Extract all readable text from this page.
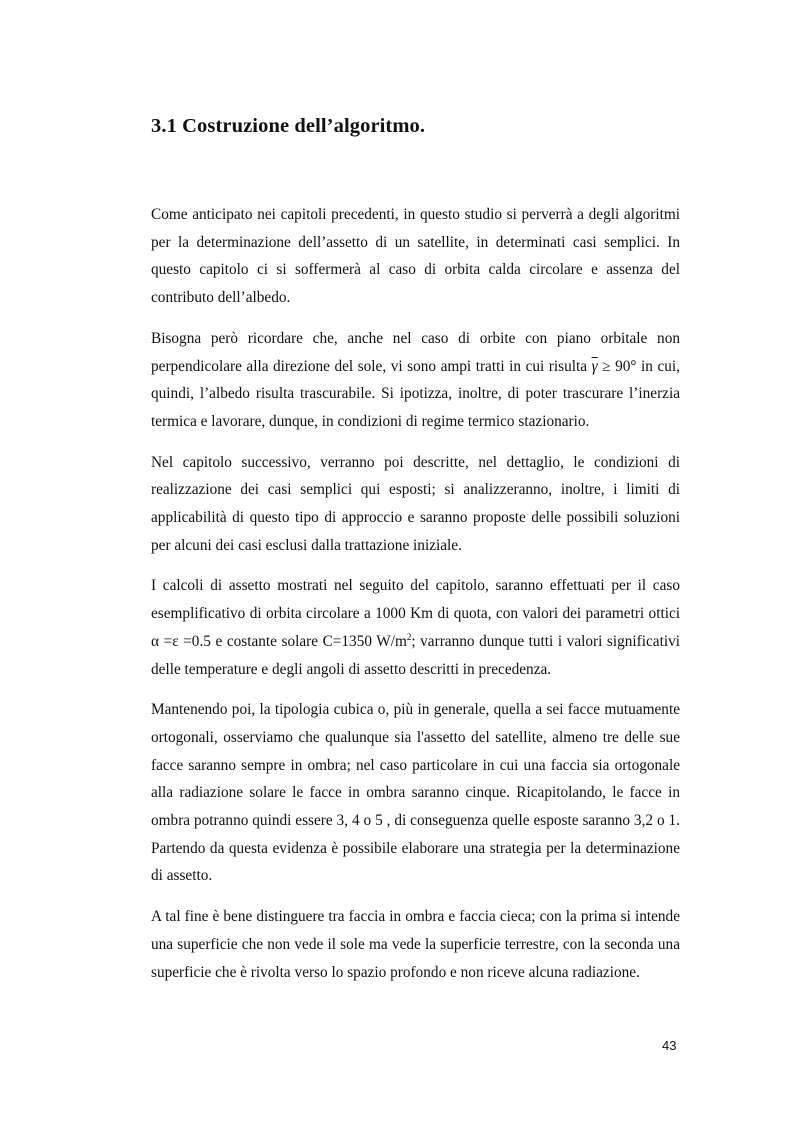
3.1 Costruzione dell’algoritmo.

Come anticipato nei capitoli precedenti, in questo studio si perverrà a degli algoritmi per la determinazione dell’assetto di un satellite, in determinati casi semplici. In questo capitolo ci si soffermerà al caso di orbita calda circolare e assenza del contributo dell’albedo.

Bisogna però ricordare che, anche nel caso di orbite con piano orbitale non perpendicolare alla direzione del sole, vi sono ampi tratti in cui risulta $\overline{\gamma} \ge 90^\circ$ in cui, quindi, l’albedo risulta trascurabile. Si ipotizza, inoltre, di poter trascurare l’inerzia termica e lavorare, dunque, in condizioni di regime termico stazionario.

Nel capitolo successivo, verranno poi descritte, nel dettaglio, le condizioni di realizzazione dei casi semplici qui esposti; si analizzeranno, inoltre, i limiti di applicabilità di questo tipo di approccio e saranno proposte delle possibili soluzioni per alcuni dei casi esclusi dalla trattazione iniziale.

I calcoli di assetto mostrati nel seguito del capitolo, saranno effettuati per il caso esemplificativo di orbita circolare a 1000 Km di quota, con valori dei parametri ottici α =ε =0.5 e costante solare C=1350 $W/m^2$; varranno dunque tutti i valori significativi delle temperature e degli angoli di assetto descritti in precedenza.

Mantenendo poi, la tipologia cubica o, più in generale, quella a sei facce mutuamente ortogonali, osserviamo che qualunque sia l'assetto del satellite, almeno tre delle sue facce saranno sempre in ombra; nel caso particolare in cui una faccia sia ortogonale alla radiazione solare le facce in ombra saranno cinque. Ricapitolando, le facce in ombra potranno quindi essere 3, 4 o 5 , di conseguenza quelle esposte saranno 3,2 o 1. Partendo da questa evidenza è possibile elaborare una strategia per la determinazione di assetto.

A tal fine è bene distinguere tra faccia in ombra e faccia cieca; con la prima si intende una superficie che non vede il sole ma vede la superficie terrestre, con la seconda una superficie che è rivolta verso lo spazio profondo e non riceve alcuna radiazione.

43
